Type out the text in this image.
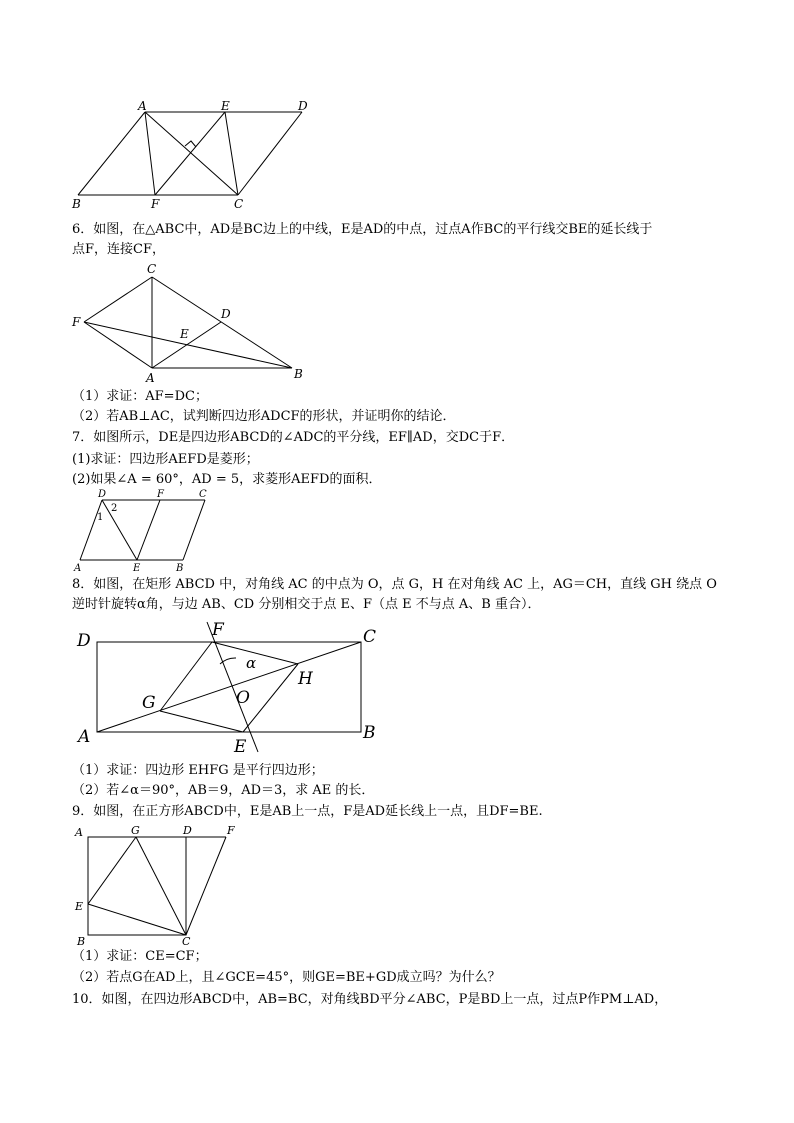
A	E	D
B	F	C
6．如图，在△ABC中，AD是BC边上的中线，E是AD的中点，过点A作BC的平行线交BE的延长线于
点F，连接CF，
C
F
D
E
A	B
（1）求证：AF=DC；
（2）若AB⊥AC，试判断四边形ADCF的形状，并证明你的结论．
7．如图所示，DE是四边形ABCD的∠ADC的平分线，EF∥AD，交DC于F．
(1)求证：四边形AEFD是菱形；
(2)如果∠A = 60°，AD = 5，求菱形AEFD的面积．
D	F	C
1
2
A	E	B
8．如图，在矩形 ABCD 中，对角线 AC 的中点为 O，点 G，H 在对角线 AC 上，AG＝CH，直线 GH 绕点 O
逆时针旋转α角，与边 AB、CD 分别相交于点 E、F（点 E 不与点 A、B 重合）．
D
F	C
α
H
G	O
A	E
B
（1）求证：四边形 EHFG 是平行四边形；
（2）若∠α＝90°，AB＝9，AD＝3，求 AE 的长．
9．如图，在正方形ABCD中，E是AB上一点，F是AD延长线上一点，且DF=BE.
A	G	D	F
E
B	C
（1）求证：CE=CF；
（2）若点G在AD上，且∠GCE=45°，则GE=BE+GD成立吗？为什么？
10．如图，在四边形ABCD中，AB=BC，对角线BD平分∠ABC，P是BD上一点，过点P作PM⊥AD，
